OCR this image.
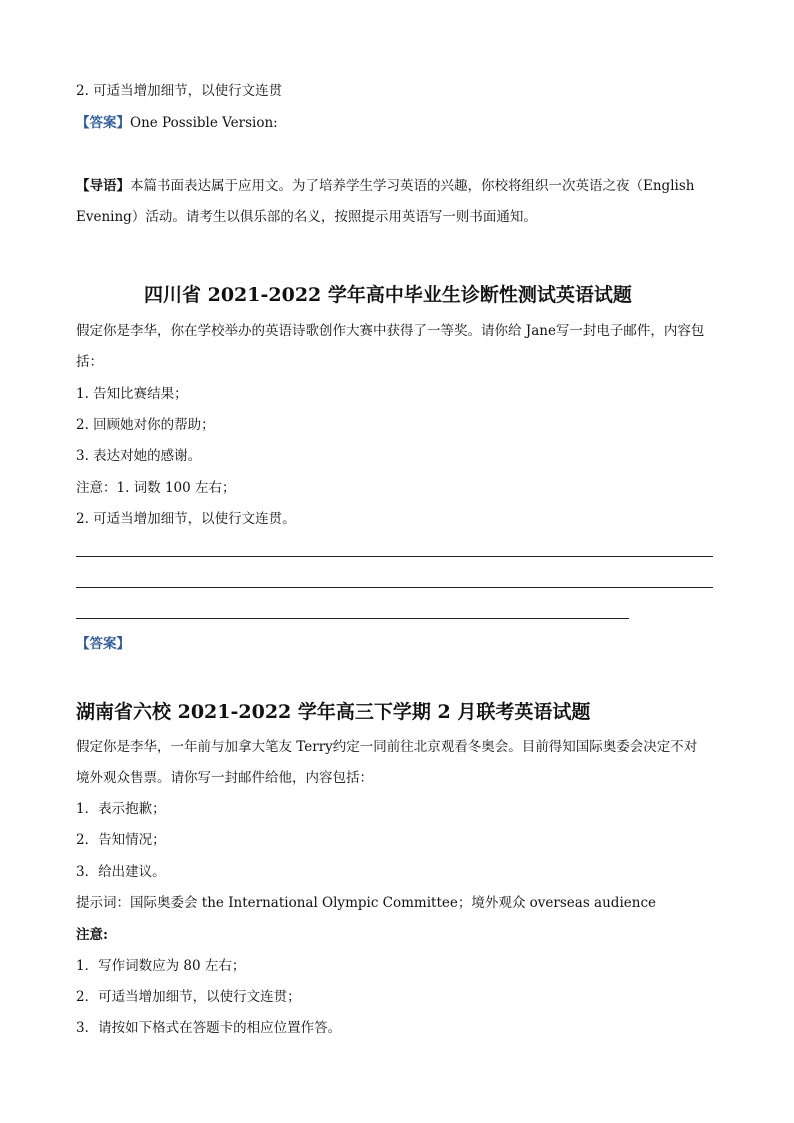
2. 可适当增加细节，以使行文连贯
【答案】One Possible Version:
【导语】本篇书面表达属于应用文。为了培养学生学习英语的兴趣，你校将组织一次英语之夜（English
Evening）活动。请考生以俱乐部的名义，按照提示用英语写一则书面通知。
四川省 2021-2022 学年高中毕业生诊断性测试英语试题
假定你是李华，你在学校举办的英语诗歌创作大赛中获得了一等奖。请你给 Jane写一封电子邮件，内容包
括：
1. 告知比赛结果；
2. 回顾她对你的帮助；
3. 表达对她的感谢。
注意：1. 词数 100 左右；
2. 可适当增加细节，以使行文连贯。
【答案】
湖南省六校 2021-2022 学年高三下学期 2 月联考英语试题
假定你是李华，一年前与加拿大笔友 Terry约定一同前往北京观看冬奥会。目前得知国际奥委会决定不对
境外观众售票。请你写一封邮件给他，内容包括：
1．表示抱歉；
2．告知情况；
3．给出建议。
提示词：国际奥委会 the International Olympic Committee；境外观众 overseas audience
注意:
1．写作词数应为 80 左右；
2．可适当增加细节，以使行文连贯；
3．请按如下格式在答题卡的相应位置作答。
